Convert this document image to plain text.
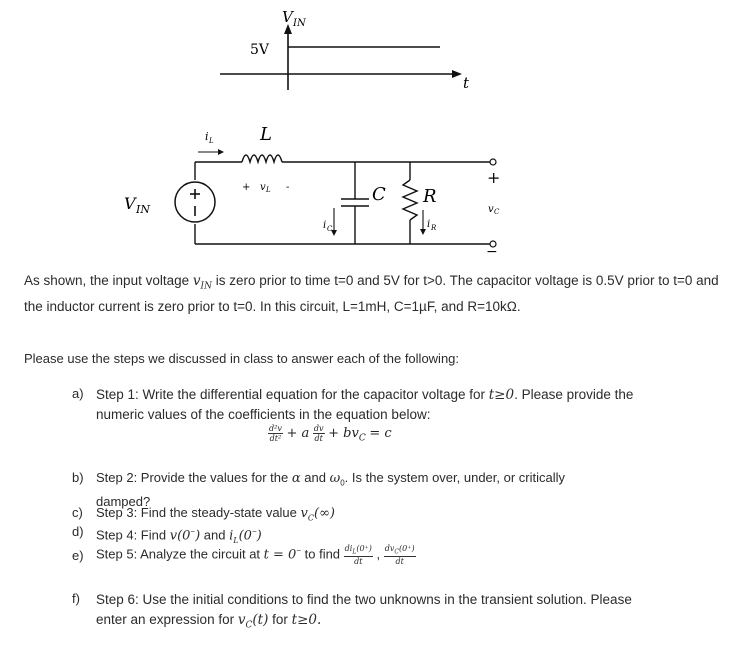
V IN
5V
t
i L	L
+ v L -
V IN
C
i C
R
i R
+
v C
−
As shown, the input voltage $v_{IN}$ is zero prior to time t=0 and 5V for t>0. The capacitor voltage is 0.5V prior to t=0 and the inductor current is zero prior to t=0. In this circuit, L=1mH, C=1µF, and R=10kΩ.
Please use the steps we discussed in class to answer each of the following:
a) Step 1: Write the differential equation for the capacitor voltage for t≥0. Please provide the numeric values of the coefficients in the equation below:
$\frac{\text{d²v}}{\text{dt²}} + a \frac{dv}{dt} + bv_C = c$
b) Step 2: Provide the values for the α and $\omega_0$. Is the system over, under, or critically damped?
c) Step 3: Find the steady-state value $v_C(\infty)$
d) Step 4: Find v(0−) and $i_L(0^-)$
e) Step 5: Analyze the circuit at t = 0− to find $\frac{di_L(0^+)}{dt}$ , $\frac{dv_C(0^+)}{dt}$
f) Step 6: Use the initial conditions to find the two unknowns in the transient solution. Please enter an expression for $v_C(t)$ for t≥0.
